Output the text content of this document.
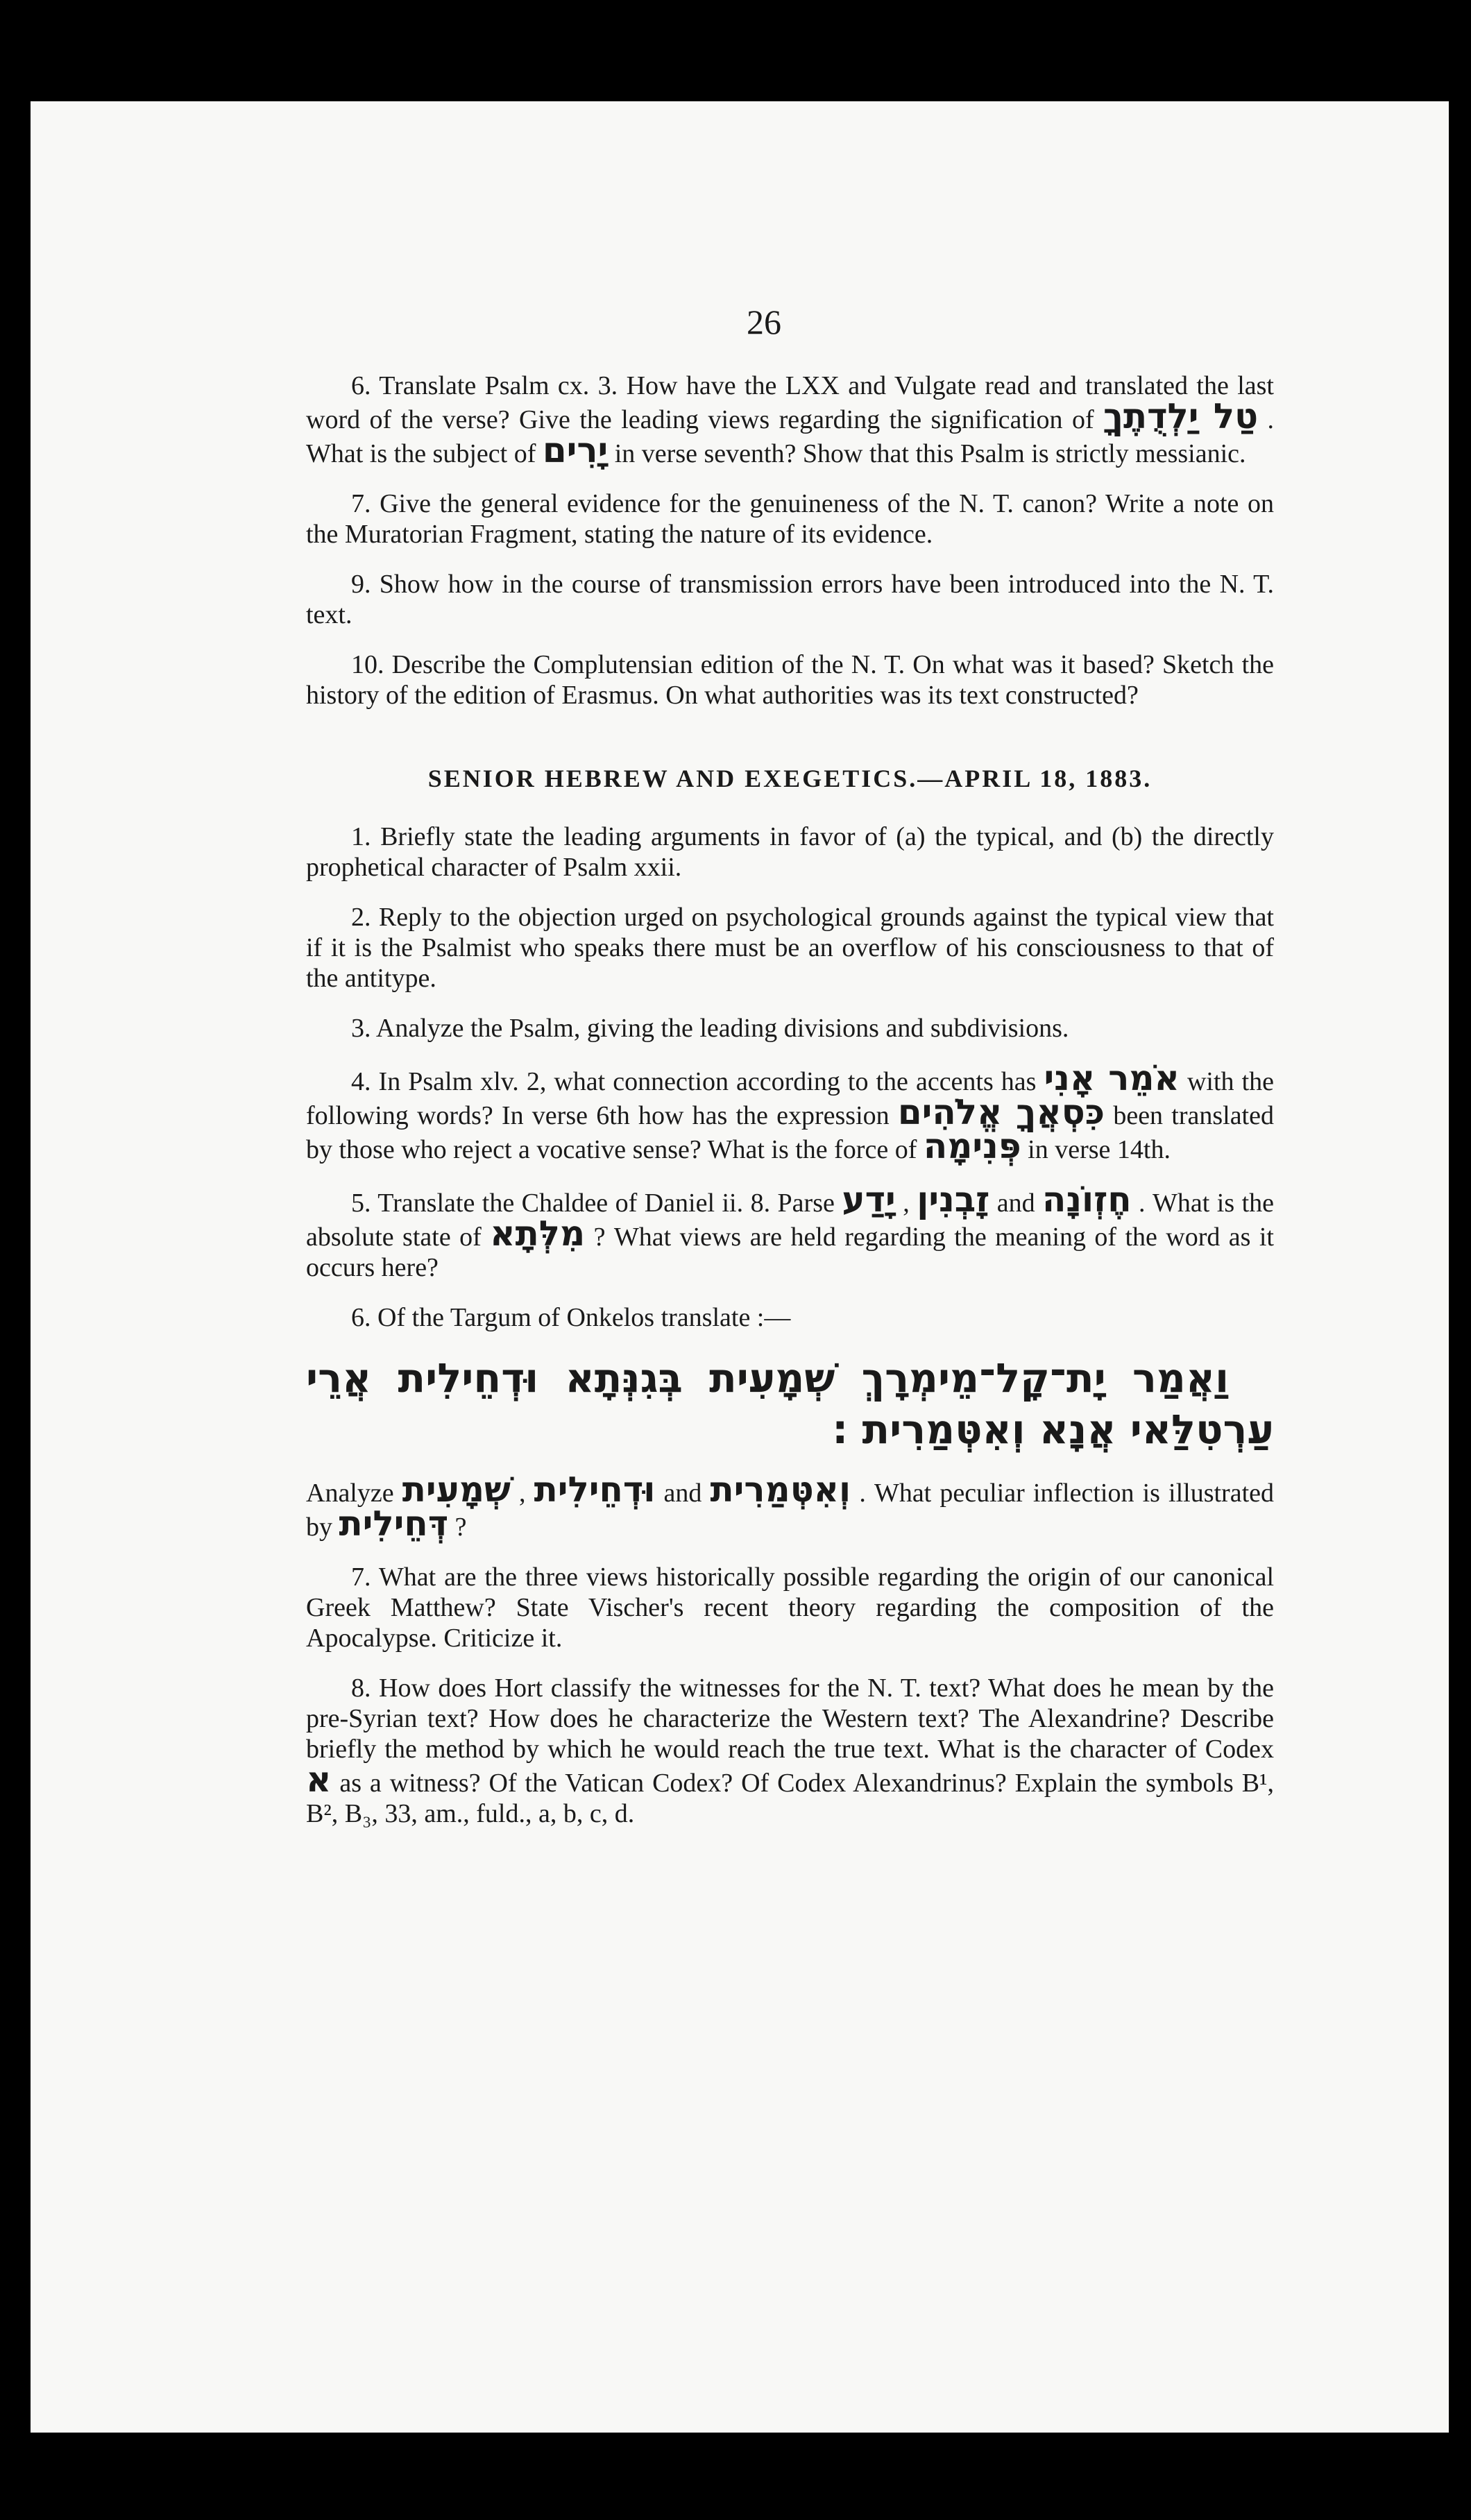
26

6. Translate Psalm cx. 3. How have the LXX and Vulgate read and translated the last word of the verse? Give the leading views regarding the signification of טַל יַלְדֻתֶךָ . What is the subject of יָרִים in verse seventh? Show that this Psalm is strictly messianic.

7. Give the general evidence for the genuineness of the N. T. canon? Write a note on the Muratorian Fragment, stating the nature of its evidence.

9. Show how in the course of transmission errors have been introduced into the N. T. text.

10. Describe the Complutensian edition of the N. T. On what was it based? Sketch the history of the edition of Erasmus. On what authorities was its text constructed?

SENIOR HEBREW AND EXEGETICS.—APRIL 18, 1883.

1. Briefly state the leading arguments in favor of (a) the typical, and (b) the directly prophetical character of Psalm xxii.

2. Reply to the objection urged on psychological grounds against the typical view that if it is the Psalmist who speaks there must be an overflow of his consciousness to that of the antitype.

3. Analyze the Psalm, giving the leading divisions and subdivisions.

4. In Psalm xlv. 2, what connection according to the accents has אֹמֵר אָנִי with the following words? In verse 6th how has the expression כִּסְאֲךָ אֱלֹהִים been translated by those who reject a vocative sense? What is the force of פְּנִימָה in verse 14th.

5. Translate the Chaldee of Daniel ii. 8. Parse יָדַע , זָבְנִין and חֶזְוֹנָה . What is the absolute state of מִלְּתָא ? What views are held regarding the meaning of the word as it occurs here?

6. Of the Targum of Onkelos translate :—

וַאֲמַר יָת־קָל־מֵימְרָךְ שְׁמָעִית בְּגִנְּתָא וּדְחֵילִית אֲרֵי עַרְטִלַּאי אֲנָא וְאִטְּמַרִית :

Analyze שְׁמָעִית , וּדְחֵילִית and וְאִטְּמַרִית . What peculiar inflection is illustrated by דְּחֵילִית ?

7. What are the three views historically possible regarding the origin of our canonical Greek Matthew? State Vischer's recent theory regarding the composition of the Apocalypse. Criticize it.

8. How does Hort classify the witnesses for the N. T. text? What does he mean by the pre-Syrian text? How does he characterize the Western text? The Alexandrine? Describe briefly the method by which he would reach the true text. What is the character of Codex א as a witness? Of the Vatican Codex? Of Codex Alexandrinus? Explain the symbols B¹, B², B₃, 33, am., fuld., a, b, c, d.
